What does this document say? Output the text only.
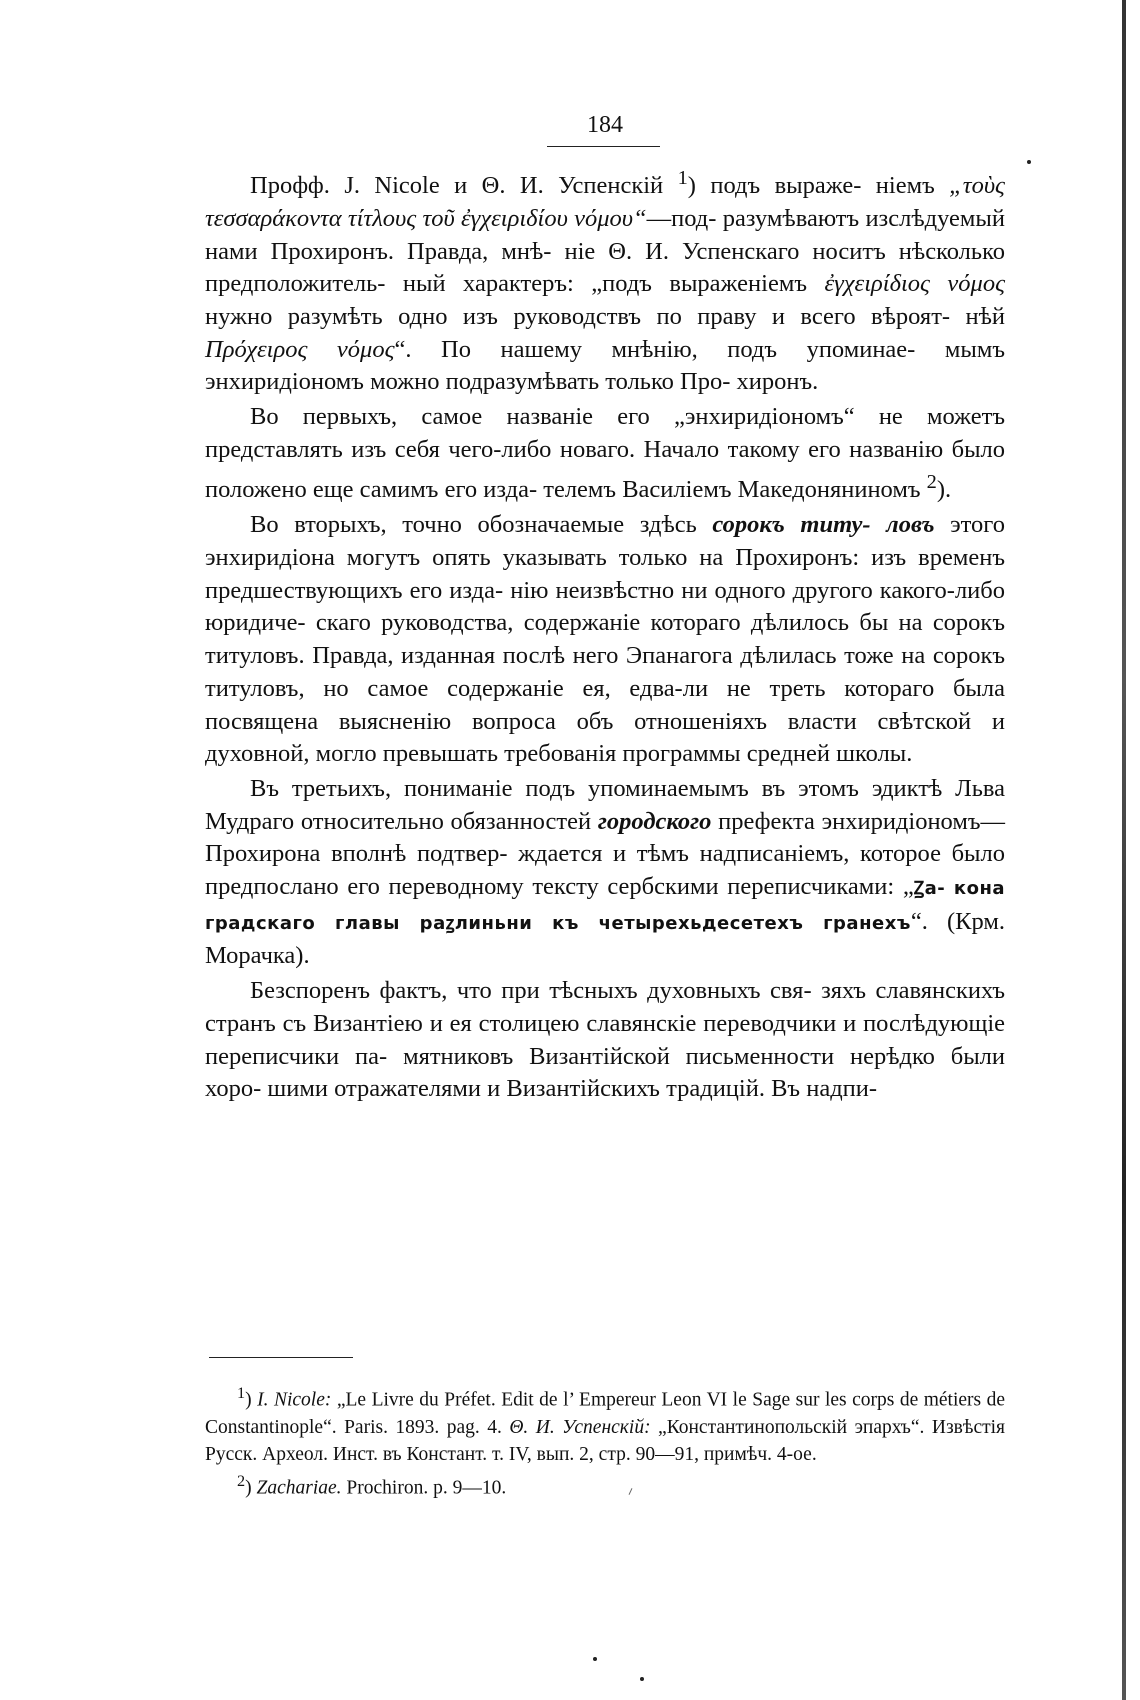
184

Профф. J. Nicole и Θ. И. Успенскій $^1$) подъ выраже- ніемъ „τοὺς τεσσαράκοντα τίτλους τοῦ ἐγχειριδίου νόμου“—под- разумѣваютъ изслѣдуемый нами Прохиронъ. Правда, мнѣ- ніе Θ. И. Успенскаго носитъ нѣсколько предположитель- ный характеръ: „подъ выраженіемъ ἐγχειρίδιος νόμος нужно разумѣть одно изъ руководствъ по праву и всего вѣроят- нѣй Πρόχειρος νόμος“. По нашему мнѣнію, подъ упоминае- мымъ энхиридіономъ можно подразумѣвать только Про- хиронъ.

Во первыхъ, самое названіе его „энхиридіономъ“ не можетъ представлять изъ себя чего-либо новаго. Начало такому его названію было положено еще самимъ его изда- телемъ Василіемъ Македоняниномъ $^2$).

Во вторыхъ, точно обозначаемые здѣсь сорокъ титу- ловъ этого энхиридіона могутъ опять указывать только на Прохиронъ: изъ временъ предшествующихъ его изда- нію неизвѣстно ни одного другого какого-либо юридиче- скаго руководства, содержаніе котораго дѣлилось бы на сорокъ титуловъ. Правда, изданная послѣ него Эпанагога дѣлилась тоже на сорокъ титуловъ, но самое содержаніе ея, едва-ли не треть котораго была посвящена выясненію вопроса объ отношеніяхъ власти свѣтской и духовной, могло превышать требованія программы средней школы.

Въ третьихъ, пониманіе подъ упоминаемымъ въ этомъ эдиктѣ Льва Мудраго относительно обязанностей городского префекта энхиридіономъ—Прохирона вполнѣ подтвер- ждается и тѣмъ надписаніемъ, которое было предпослано его переводному тексту сербскими переписчиками: „Ꙁа- кона градскаго главы раꙁлиньни къ четырехьдесетехъ гранехъ“. (Крм. Морачка).

Безспоренъ фактъ, что при тѣсныхъ духовныхъ свя- зяхъ славянскихъ странъ съ Византіею и ея столицею славянскіе переводчики и послѣдующіе переписчики па- мятниковъ Византійской письменности нерѣдко были хоро- шими отражателями и Византійскихъ традицій. Въ надпи-

$^1$) I. Nicole: „Le Livre du Préfet. Edit de l’ Empereur Leon VI le Sage sur les corps de métiers de Constantinople“. Paris. 1893. pag. 4. Θ. И. Успенскій: „Константинопольскій эпархъ“. Извѣстія Русск. Археол. Инст. въ Констант. т. IV, вып. 2, стр. 90—91, примѣч. 4-ое.

$^2$) Zachariae. Prochiron. p. 9—10.
